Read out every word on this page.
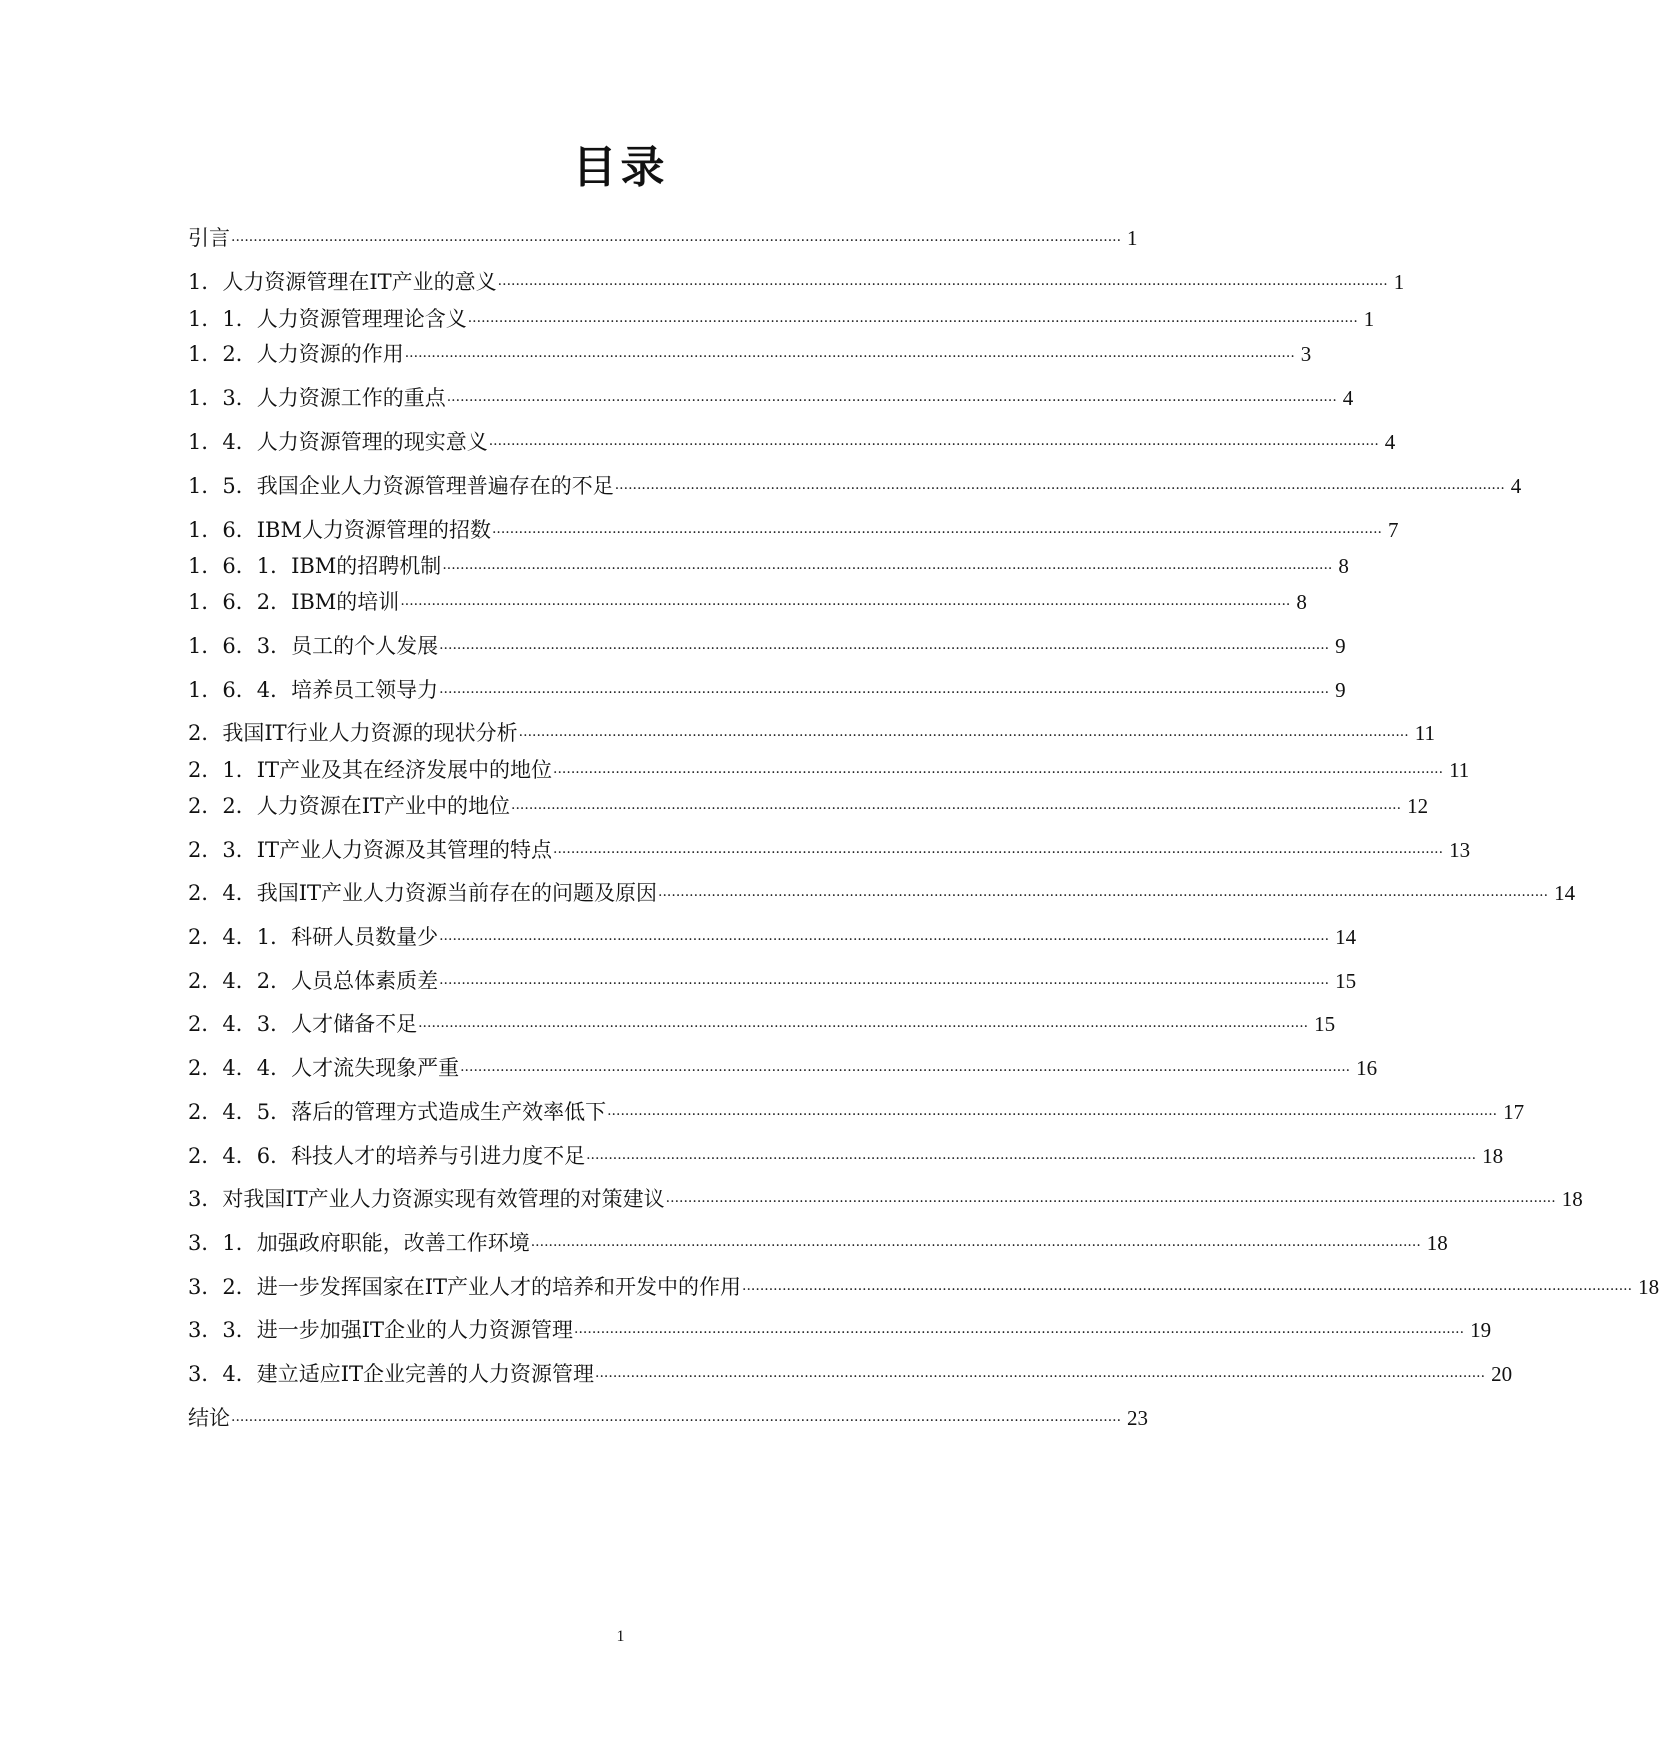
目录
引言 ········································································································································································································ 1
1．人力资源管理在IT产业的意义 ········································································································································································································ 1
1．1．人力资源管理理论含义 ········································································································································································································ 1
1．2．人力资源的作用 ········································································································································································································ 3
1．3．人力资源工作的重点 ········································································································································································································ 4
1．4．人力资源管理的现实意义 ········································································································································································································ 4
1．5．我国企业人力资源管理普遍存在的不足 ········································································································································································································ 4
1．6．IBM人力资源管理的招数 ········································································································································································································ 7
1．6．1．IBM的招聘机制 ········································································································································································································ 8
1．6．2．IBM的培训 ········································································································································································································ 8
1．6．3．员工的个人发展 ········································································································································································································ 9
1．6．4．培养员工领导力 ········································································································································································································ 9
2．我国IT行业人力资源的现状分析 ········································································································································································································ 11
2．1．IT产业及其在经济发展中的地位 ········································································································································································································ 11
2．2．人力资源在IT产业中的地位 ········································································································································································································ 12
2．3．IT产业人力资源及其管理的特点 ········································································································································································································ 13
2．4．我国IT产业人力资源当前存在的问题及原因 ········································································································································································································ 14
2．4．1．科研人员数量少 ········································································································································································································ 14
2．4．2．人员总体素质差 ········································································································································································································ 15
2．4．3．人才储备不足 ········································································································································································································ 15
2．4．4．人才流失现象严重 ········································································································································································································ 16
2．4．5．落后的管理方式造成生产效率低下 ········································································································································································································ 17
2．4．6．科技人才的培养与引进力度不足 ········································································································································································································ 18
3．对我国IT产业人力资源实现有效管理的对策建议 ········································································································································································································ 18
3．1．加强政府职能，改善工作环境 ········································································································································································································ 18
3．2．进一步发挥国家在IT产业人才的培养和开发中的作用 ········································································································································································································ 18
3．3．进一步加强IT企业的人力资源管理 ········································································································································································································ 19
3．4．建立适应IT企业完善的人力资源管理 ········································································································································································································ 20
结论 ········································································································································································································ 23
1
